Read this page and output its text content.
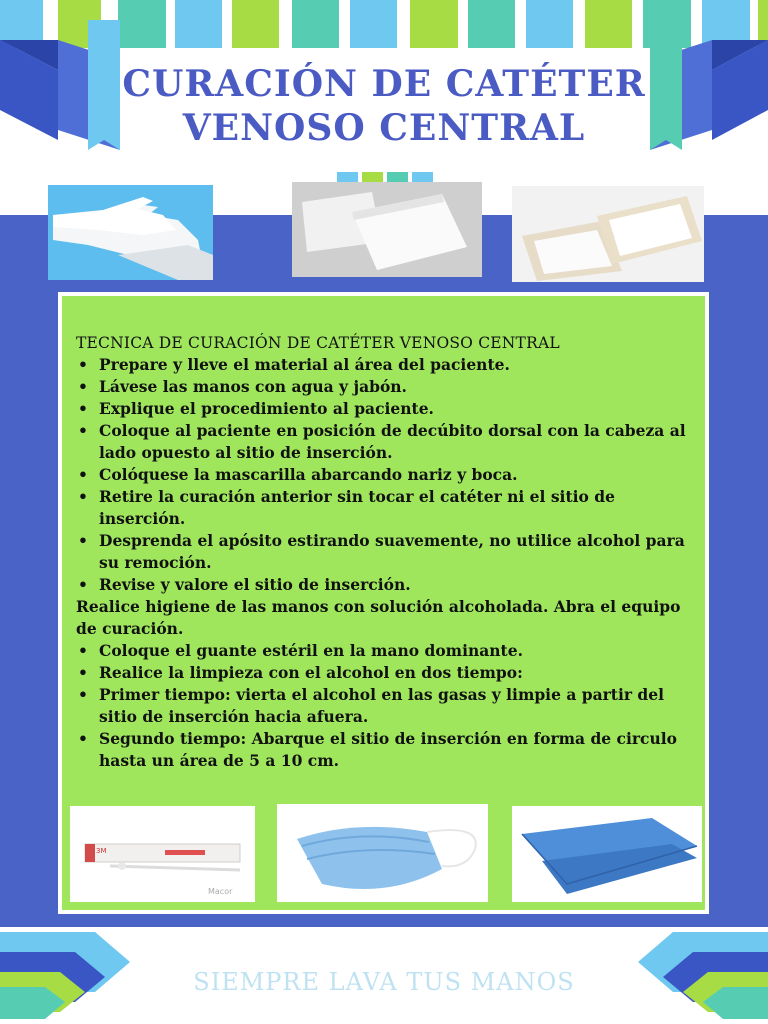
CURACIÓN DE CATÉTER
VENOSO CENTRAL
TECNICA DE CURACIÓN DE CATÉTER VENOSO CENTRAL
• Prepare y lleve el material al área del paciente.
• Lávese las manos con agua y jabón.
• Explique el procedimiento al paciente.
• Coloque al paciente en posición de decúbito dorsal con la cabeza al lado opuesto al sitio de inserción.
• Colóquese la mascarilla abarcando nariz y boca.
• Retire la curación anterior sin tocar el catéter ni el sitio de inserción.
• Desprenda el apósito estirando suavemente, no utilice alcohol para su remoción.
• Revise y valore el sitio de inserción.
Realice higiene de las manos con solución alcoholada. Abra el equipo de curación.
• Coloque el guante estéril en la mano dominante.
• Realice la limpieza con el alcohol en dos tiempo:
• Primer tiempo: vierta el alcohol en las gasas y limpie a partir del sitio de inserción hacia afuera.
• Segundo tiempo: Abarque el sitio de inserción en forma de circulo hasta un área de 5 a 10 cm.
3M
Macor
SIEMPRE LAVA TUS MANOS
